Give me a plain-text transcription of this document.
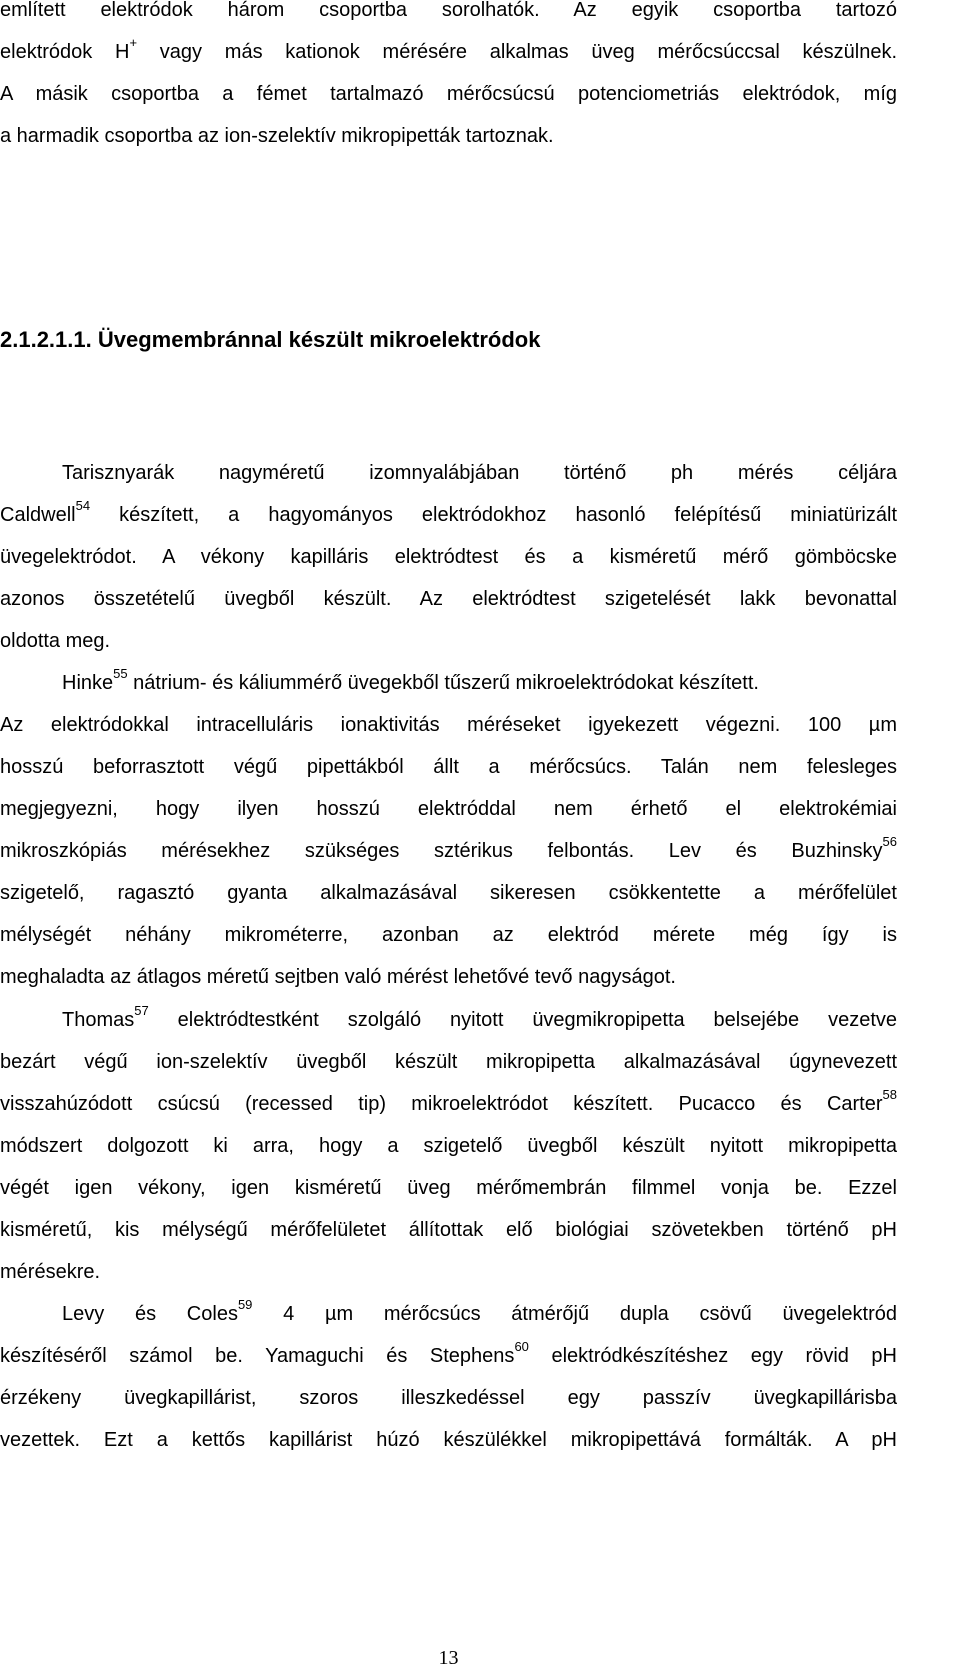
említett elektródok három csoportba sorolhatók. Az egyik csoportba tartozó
elektródok H+ vagy más kationok mérésére alkalmas üveg mérőcsúccsal készülnek.
A másik csoportba a fémet tartalmazó mérőcsúcsú potenciometriás elektródok, míg
a harmadik csoportba az ion-szelektív mikropipetták tartoznak.
2.1.2.1.1. Üvegmembránnal készült mikroelektródok
Tarisznyarák nagyméretű izomnyalábjában történő ph mérés céljára
Caldwell$^{54}$ készített, a hagyományos elektródokhoz hasonló felépítésű miniatürizált
üvegelektródot. A vékony kapilláris elektródtest és a kisméretű mérő gömböcske
azonos összetételű üvegből készült. Az elektródtest szigetelését lakk bevonattal
oldotta meg.
Hinke$^{55}$ nátrium- és káliummérő üvegekből tűszerű mikroelektródokat készített.
Az elektródokkal intracelluláris ionaktivitás méréseket igyekezett végezni. 100 µm
hosszú beforrasztott végű pipettákból állt a mérőcsúcs. Talán nem felesleges
megjegyezni, hogy ilyen hosszú elektróddal nem érhető el elektrokémiai
mikroszkópiás mérésekhez szükséges sztérikus felbontás. Lev és Buzhinsky$^{56}$
szigetelő, ragasztó gyanta alkalmazásával sikeresen csökkentette a mérőfelület
mélységét néhány mikrométerre, azonban az elektród mérete még így is
meghaladta az átlagos méretű sejtben való mérést lehetővé tevő nagyságot.
Thomas$^{57}$ elektródtestként szolgáló nyitott üvegmikropipetta belsejébe vezetve
bezárt végű ion-szelektív üvegből készült mikropipetta alkalmazásával úgynevezett
visszahúzódott csúcsú (recessed tip) mikroelektródot készített. Pucacco és Carter$^{58}$
módszert dolgozott ki arra, hogy a szigetelő üvegből készült nyitott mikropipetta
végét igen vékony, igen kisméretű üveg mérőmembrán filmmel vonja be. Ezzel
kisméretű, kis mélységű mérőfelületet állítottak elő biológiai szövetekben történő pH
mérésekre.
Levy és Coles$^{59}$ 4 µm mérőcsúcs átmérőjű dupla csövű üvegelektród
készítéséről számol be. Yamaguchi és Stephens$^{60}$ elektródkészítéshez egy rövid pH
érzékeny üvegkapillárist, szoros illeszkedéssel egy passzív üvegkapillárisba
vezettek. Ezt a kettős kapillárist húzó készülékkel mikropipettává formálták. A pH
13
